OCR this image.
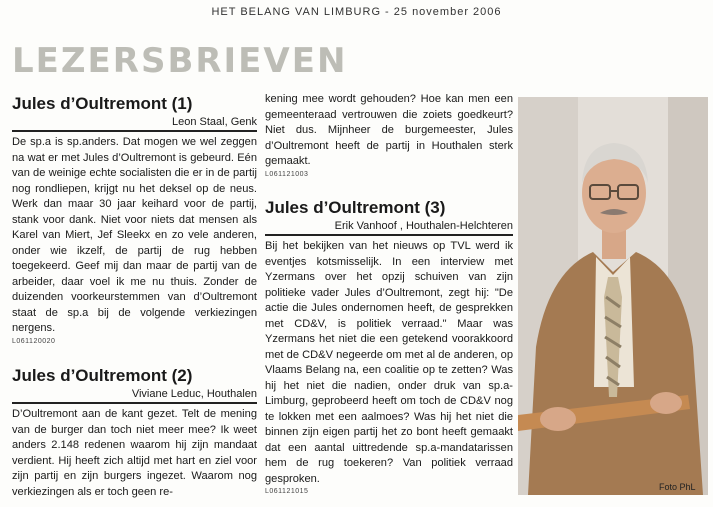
HET BELANG VAN LIMBURG - 25 november 2006
LEZERSBRIEVEN
Jules d’Oultremont (1)
Leon Staal, Genk

De sp.a is sp.anders. Dat mogen we wel zeggen na wat er met Jules d’Oultremont is gebeurd. Eén van de weinige echte socialisten die er in de partij nog rondliepen, krijgt nu het deksel op de neus. Werk dan maar 30 jaar keihard voor de partij, stank voor dank. Niet voor niets dat mensen als Karel van Miert, Jef Sleekx en zo vele anderen, onder wie ikzelf, de partij de rug hebben toegekeerd. Geef mij dan maar de partij van de arbeider, daar voel ik me nu thuis. Zonder de duizenden voorkeurstemmen van d’Oultremont staat de sp.a bij de volgende verkiezingen nergens.

L061120020
Jules d’Oultremont (2)
Viviane Leduc, Houthalen

D’Oultremont aan de kant gezet. Telt de mening van de burger dan toch niet meer mee? Ik weet anders 2.148 redenen waarom hij zijn mandaat verdient. Hij heeft zich altijd met hart en ziel voor zijn partij en zijn burgers ingezet. Waarom nog verkiezingen als er toch geen re-

kening mee wordt gehouden? Hoe kan men een gemeenteraad vertrouwen die zoiets goedkeurt? Niet dus. Mijnheer de burgemeester, Jules d’Oultremont heeft de partij in Houthalen sterk gemaakt.

L061121003
Jules d’Oultremont (3)
Erik Vanhoof , Houthalen-Helchteren

Bij het bekijken van het nieuws op TVL werd ik eventjes kotsmisselijk. In een interview met Yzermans over het opzij schuiven van zijn politieke vader Jules d’Oultremont, zegt hij: "De actie die Jules ondernomen heeft, de gesprekken met CD&V, is politiek verraad." Maar was Yzermans het niet die een getekend voorakkoord met de CD&V negeerde om met al de anderen, op Vlaams Belang na, een coalitie op te zetten? Was hij het niet die nadien, onder druk van sp.a-Limburg, geprobeerd heeft om toch de CD&V nog te lokken met een aalmoes? Was hij het niet die binnen zijn eigen partij het zo bont heeft gemaakt dat een aantal uittredende sp.a-mandatarissen hem de rug toekeren? Van politiek verraad gesproken.

L061121015	Foto PhL
